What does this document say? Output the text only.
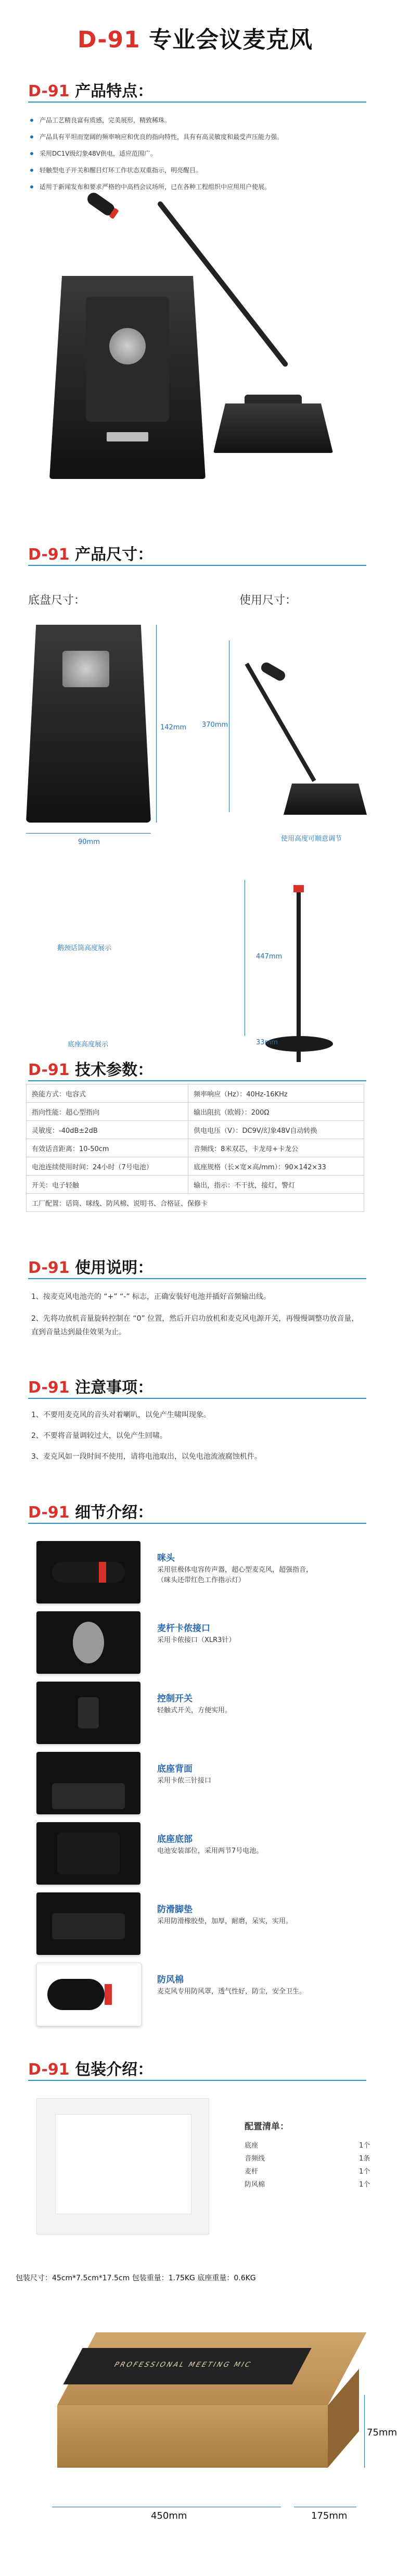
D-91 专业会议麦克风
D-91 产品特点：
产品工艺精良富有质感，完美展形，精致稀珠。
产品具有平坦而宽阔的频率响应和优良的指向特性，具有有高灵敏度和最受声压能力强。
采用DC1V级幻象48V供电，适应范围广。
轻触型电子开关和醒目灯环工作状态双重指示，明亮醒目。
适用于新闻发布和要求严格的中高档会议场所，已在各种工程组织中应用用户使展。
D-91 产品尺寸：
底盘尺寸：	使用尺寸：
142mm
90mm
370mm
使用高度可顺意调节
鹅颈话筒高度展示
447mm
底座高度展示	33mm
D-91 技术参数：
换能方式：电容式	频率响应（Hz）：40Hz-16KHz
指向性能：超心型指向	输出阻抗（欧姆）：200Ω
灵敏度：-40dB±2dB	供电电压（V）：DC9V/幻象48V自动转换
有效话音距离：10-50cm	音频线：8米双芯，卡龙母+卡龙公
电池连续使用时间：24小时（7号电池）	底座规格（长×宽×高/mm）：90×142×33
开关：电子轻触	输出，指示：不干扰，接灯，警灯
工厂配置：话筒、咪线、防风棉、说明书、合格证、保修卡	
D-91 使用说明：
1、按麦克风电池壳的 “+” “-” 标志，正确安装好电池并插好音频输出线。
2、先将功放机音量旋转控制在 “0” 位置，然后开启功放机和麦克风电源开关，再慢慢调整功放音量，直到音量达到最佳效果为止。
D-91 注意事项：
1、不要用麦克风的音头对着喇叭，以免产生啸叫现象。
2、不要将音量调较过大，以免产生回啸。
3、麦克风如一段时间不使用，请将电池取出，以免电池流液腐蚀机件。
D-91 细节介绍：
咪头
采用驻极体电容传声器，超心型麦克风，超强指音，（咪头还带红色工作指示灯）
麦杆卡侬接口
采用卡侬接口（XLR3针）
控制开关
轻触式开关，方便实用。
底座背面
采用卡侬三针接口
底座底部
电池安装部位，采用两节7号电池。
防滑脚垫
采用防滑橡胶垫，加厚，耐磨，呆实，实用。
防风棉
麦克风专用防风罩，透气性好，防尘，安全卫生。
D-91 包装介绍：
配置清单：
底座	1个
音频线	1条
麦杆	1个
防风棉	1个
包装尺寸：45cm*7.5cm*17.5cm 包装重量：1.75KG 底座重量：0.6KG
PROFESSIONAL MEETING MIC
450mm
75mm
175mm
